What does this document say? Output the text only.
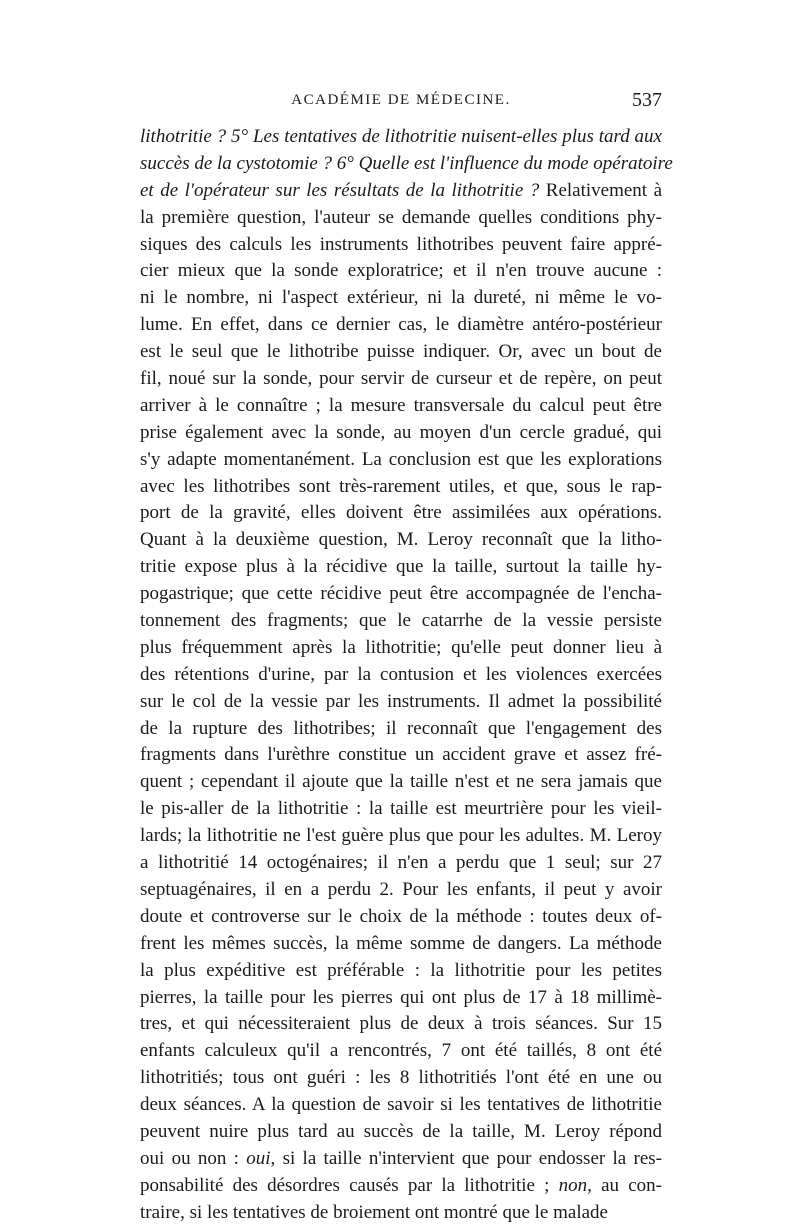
ACADÉMIE DE MÉDECINE.	537
lithotritie ? 5° Les tentatives de lithotritie nuisent-elles plus tard aux
succès de la cystotomie ? 6° Quelle est l'influence du mode opératoire
et de l'opérateur sur les résultats de la lithotritie ? Relativement à
la première question, l'auteur se demande quelles conditions phy-
siques des calculs les instruments lithotribes peuvent faire appré-
cier mieux que la sonde exploratrice; et il n'en trouve aucune :
ni le nombre, ni l'aspect extérieur, ni la dureté, ni même le vo-
lume. En effet, dans ce dernier cas, le diamètre antéro-postérieur
est le seul que le lithotribe puisse indiquer. Or, avec un bout de
fil, noué sur la sonde, pour servir de curseur et de repère, on peut
arriver à le connaître ; la mesure transversale du calcul peut être
prise également avec la sonde, au moyen d'un cercle gradué, qui
s'y adapte momentanément. La conclusion est que les explorations
avec les lithotribes sont très-rarement utiles, et que, sous le rap-
port de la gravité, elles doivent être assimilées aux opérations.
Quant à la deuxième question, M. Leroy reconnaît que la litho-
tritie expose plus à la récidive que la taille, surtout la taille hy-
pogastrique; que cette récidive peut être accompagnée de l'encha-
tonnement des fragments; que le catarrhe de la vessie persiste
plus fréquemment après la lithotritie; qu'elle peut donner lieu à
des rétentions d'urine, par la contusion et les violences exercées
sur le col de la vessie par les instruments. Il admet la possibilité
de la rupture des lithotribes; il reconnaît que l'engagement des
fragments dans l'urèthre constitue un accident grave et assez fré-
quent ; cependant il ajoute que la taille n'est et ne sera jamais que
le pis-aller de la lithotritie : la taille est meurtrière pour les vieil-
lards; la lithotritie ne l'est guère plus que pour les adultes. M. Leroy
a lithotritié 14 octogénaires; il n'en a perdu que 1 seul; sur 27
septuagénaires, il en a perdu 2. Pour les enfants, il peut y avoir
doute et controverse sur le choix de la méthode : toutes deux of-
frent les mêmes succès, la même somme de dangers. La méthode
la plus expéditive est préférable : la lithotritie pour les petites
pierres, la taille pour les pierres qui ont plus de 17 à 18 millimè-
tres, et qui nécessiteraient plus de deux à trois séances. Sur 15
enfants calculeux qu'il a rencontrés, 7 ont été taillés, 8 ont été
lithotritiés; tous ont guéri : les 8 lithotritiés l'ont été en une ou
deux séances. A la question de savoir si les tentatives de lithotritie
peuvent nuire plus tard au succès de la taille, M. Leroy répond
oui ou non : oui, si la taille n'intervient que pour endosser la res-
ponsabilité des désordres causés par la lithotritie ; non, au con-
traire, si les tentatives de broiement ont montré que le malade
